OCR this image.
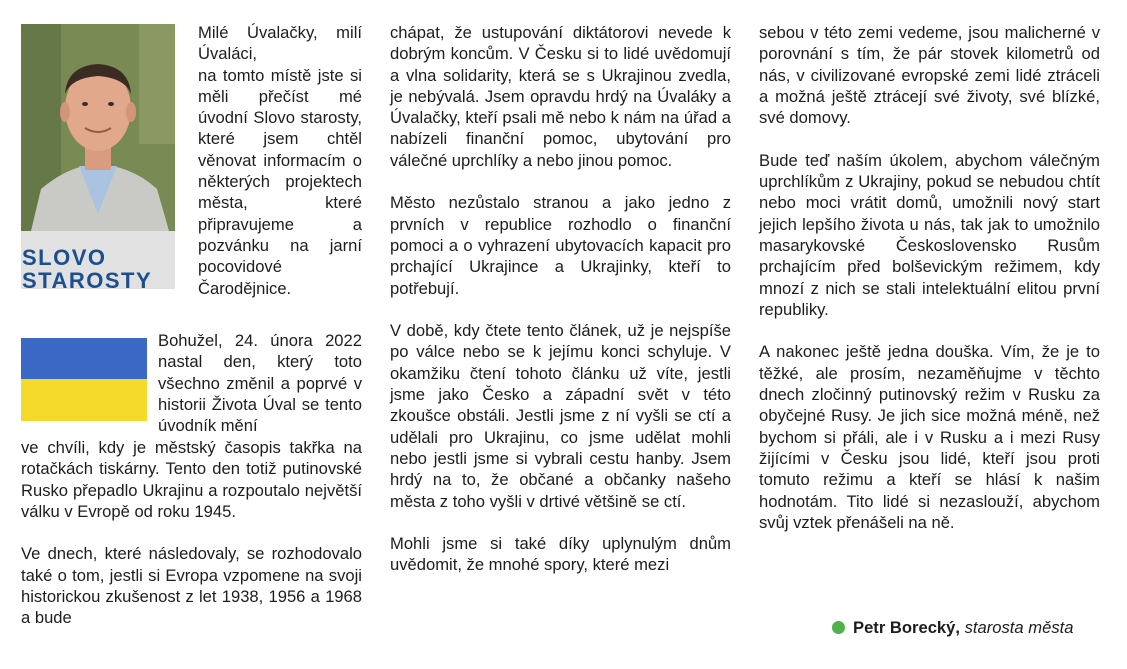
SLOVO
STAROSTY

Milé Úvalačky, milí Úvaláci,

na tomto místě jste si měli přečíst mé úvodní Slovo starosty, které jsem chtěl věnovat informacím o některých projektech města, které připravujeme a pozvánku na jarní pocovidové Čarodějnice.

Bohužel, 24. února 2022 nastal den, který toto všechno změnil a poprvé v historii Života Úval se tento úvodník mění

ve chvíli, kdy je městský časopis takřka na rotačkách tiskárny. Tento den totiž putinovské Rusko přepadlo Ukrajinu a rozpoutalo největší válku v Evropě od roku 1945.

Ve dnech, které následovaly, se rozhodovalo také o tom, jestli si Evropa vzpomene na svoji historickou zkušenost z let 1938, 1956 a 1968 a bude

chápat, že ustupování diktátorovi nevede k dobrým koncům. V Česku si to lidé uvědomují a vlna solidarity, která se s Ukrajinou zvedla, je nebývalá. Jsem opravdu hrdý na Úvaláky a Úvalačky, kteří psali mě nebo k nám na úřad a nabízeli finanční pomoc, ubytování pro válečné uprchlíky a nebo jinou pomoc.

Město nezůstalo stranou a jako jedno z prvních v republice rozhodlo o finanční pomoci a o vyhrazení ubytovacích kapacit pro prchající Ukrajince a Ukrajinky, kteří to potřebují.

V době, kdy čtete tento článek, už je nejspíše po válce nebo se k jejímu konci schyluje. V okamžiku čtení tohoto článku už víte, jestli jsme jako Česko a západní svět v této zkoušce obstáli. Jestli jsme z ní vyšli se ctí a udělali pro Ukrajinu, co jsme udělat mohli nebo jestli jsme si vybrali cestu hanby. Jsem hrdý na to, že občané a občanky našeho města z toho vyšli v drtivé většině se ctí.

Mohli jsme si také díky uplynulým dnům uvědomit, že mnohé spory, které mezi

sebou v této zemi vedeme, jsou malicherné v porovnání s tím, že pár stovek kilometrů od nás, v civilizované evropské zemi lidé ztráceli a možná ještě ztrácejí své životy, své blízké, své domovy.

Bude teď naším úkolem, abychom válečným uprchlíkům z Ukrajiny, pokud se nebudou chtít nebo moci vrátit domů, umožnili nový start jejich lepšího života u nás, tak jak to umožnilo masarykovské Československo Rusům prchajícím před bolševickým režimem, kdy mnozí z nich se stali intelektuální elitou první republiky.

A nakonec ještě jedna douška. Vím, že je to těžké, ale prosím, nezaměňujme v těchto dnech zločinný putinovský režim v Rusku za obyčejné Rusy. Je jich sice možná méně, než bychom si přáli, ale i v Rusku a i mezi Rusy žijícími v Česku jsou lidé, kteří jsou proti tomuto režimu a kteří se hlásí k našim hodnotám. Tito lidé si nezaslouží, abychom svůj vztek přenášeli na ně.

Petr Borecký, starosta města
